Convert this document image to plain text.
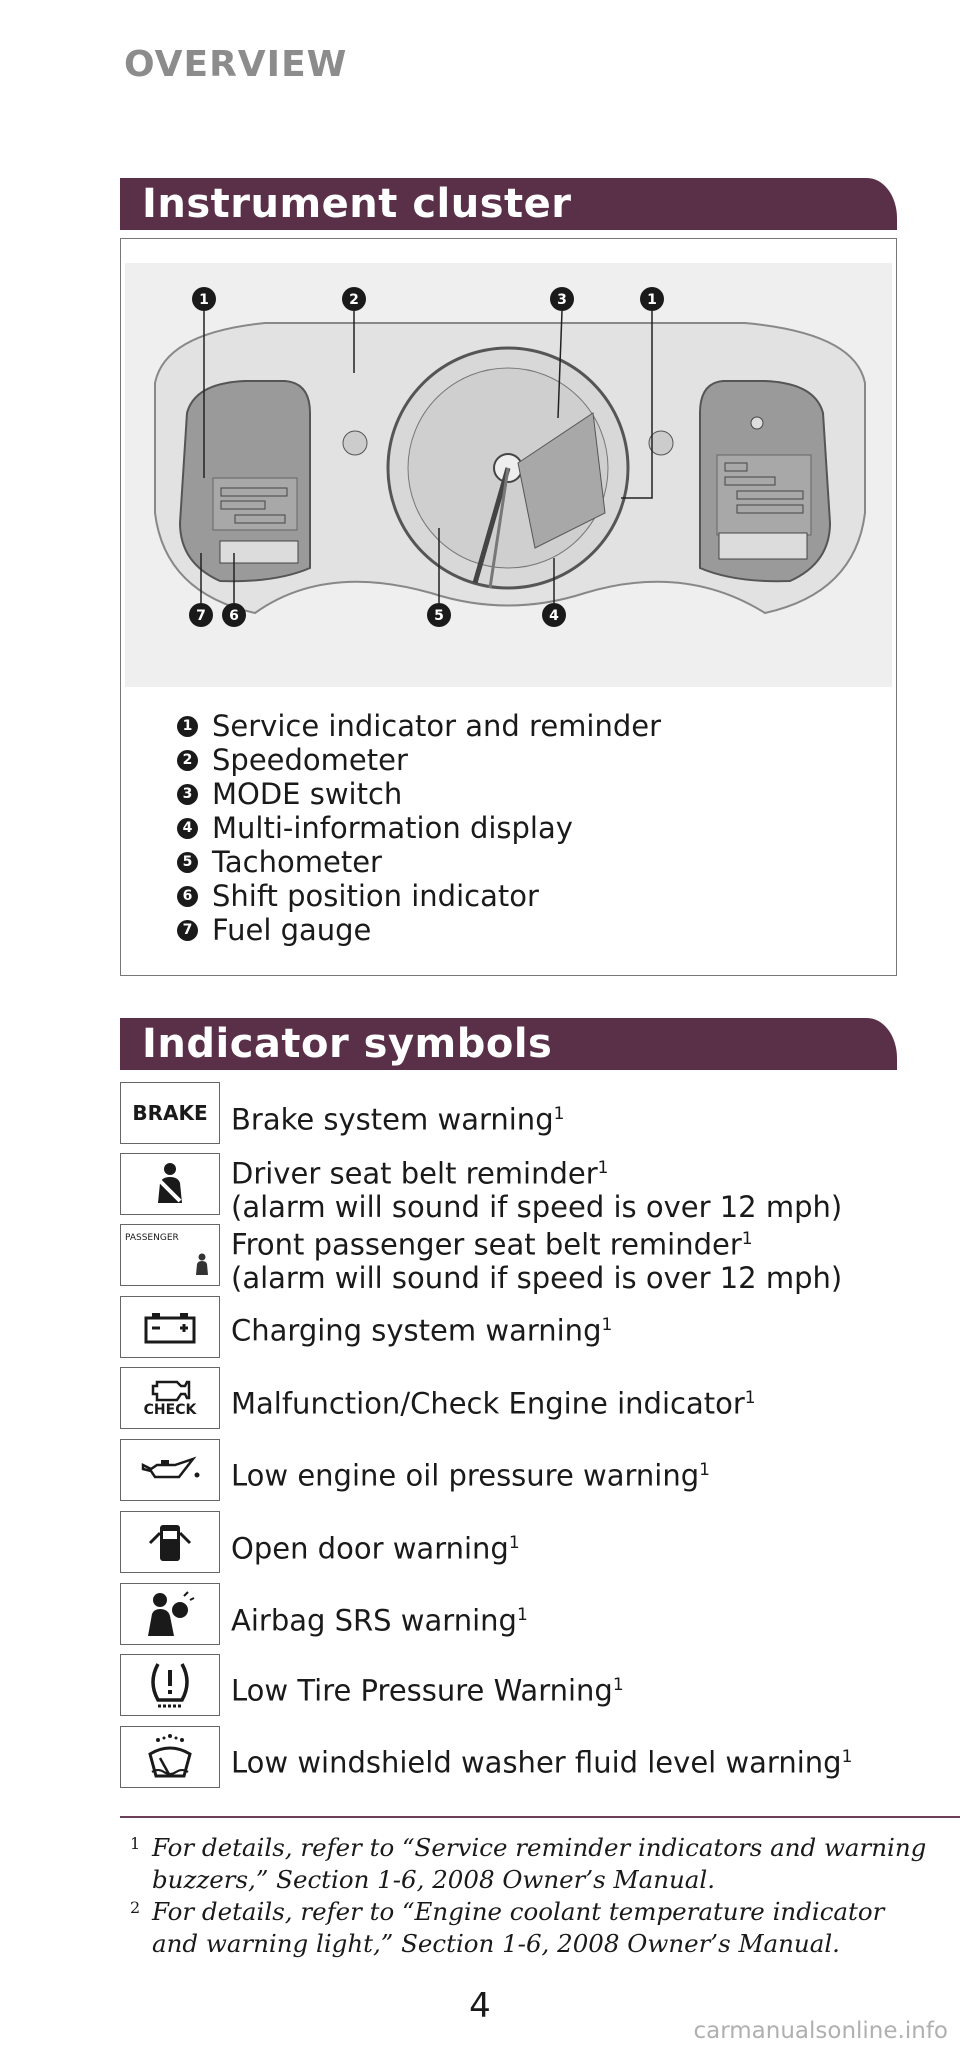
OVERVIEW
Instrument cluster
1	2	3	1
7 6	5	4
1 Service indicator and reminder
2 Speedometer
3 MODE switch
4 Multi-information display
5 Tachometer
6 Shift position indicator
7 Fuel gauge
Indicator symbols
BRAKE Brake system warning$^1$
Driver seat belt reminder$^1$
(alarm will sound if speed is over 12 mph)
PASSENGER Front passenger seat belt reminder$^1$
(alarm will sound if speed is over 12 mph)
Charging system warning$^1$
CHECK Malfunction/Check Engine indicator$^1$
Low engine oil pressure warning$^1$
Open door warning$^1$
Airbag SRS warning$^1$
Low Tire Pressure Warning$^1$
Low windshield washer fluid level warning$^1$
1 For details, refer to “Service reminder indicators and warning buzzers,” Section 1-6, 2008 Owner’s Manual.
2 For details, refer to “Engine coolant temperature indicator and warning light,” Section 1-6, 2008 Owner’s Manual.
4
carmanualsonline.info
